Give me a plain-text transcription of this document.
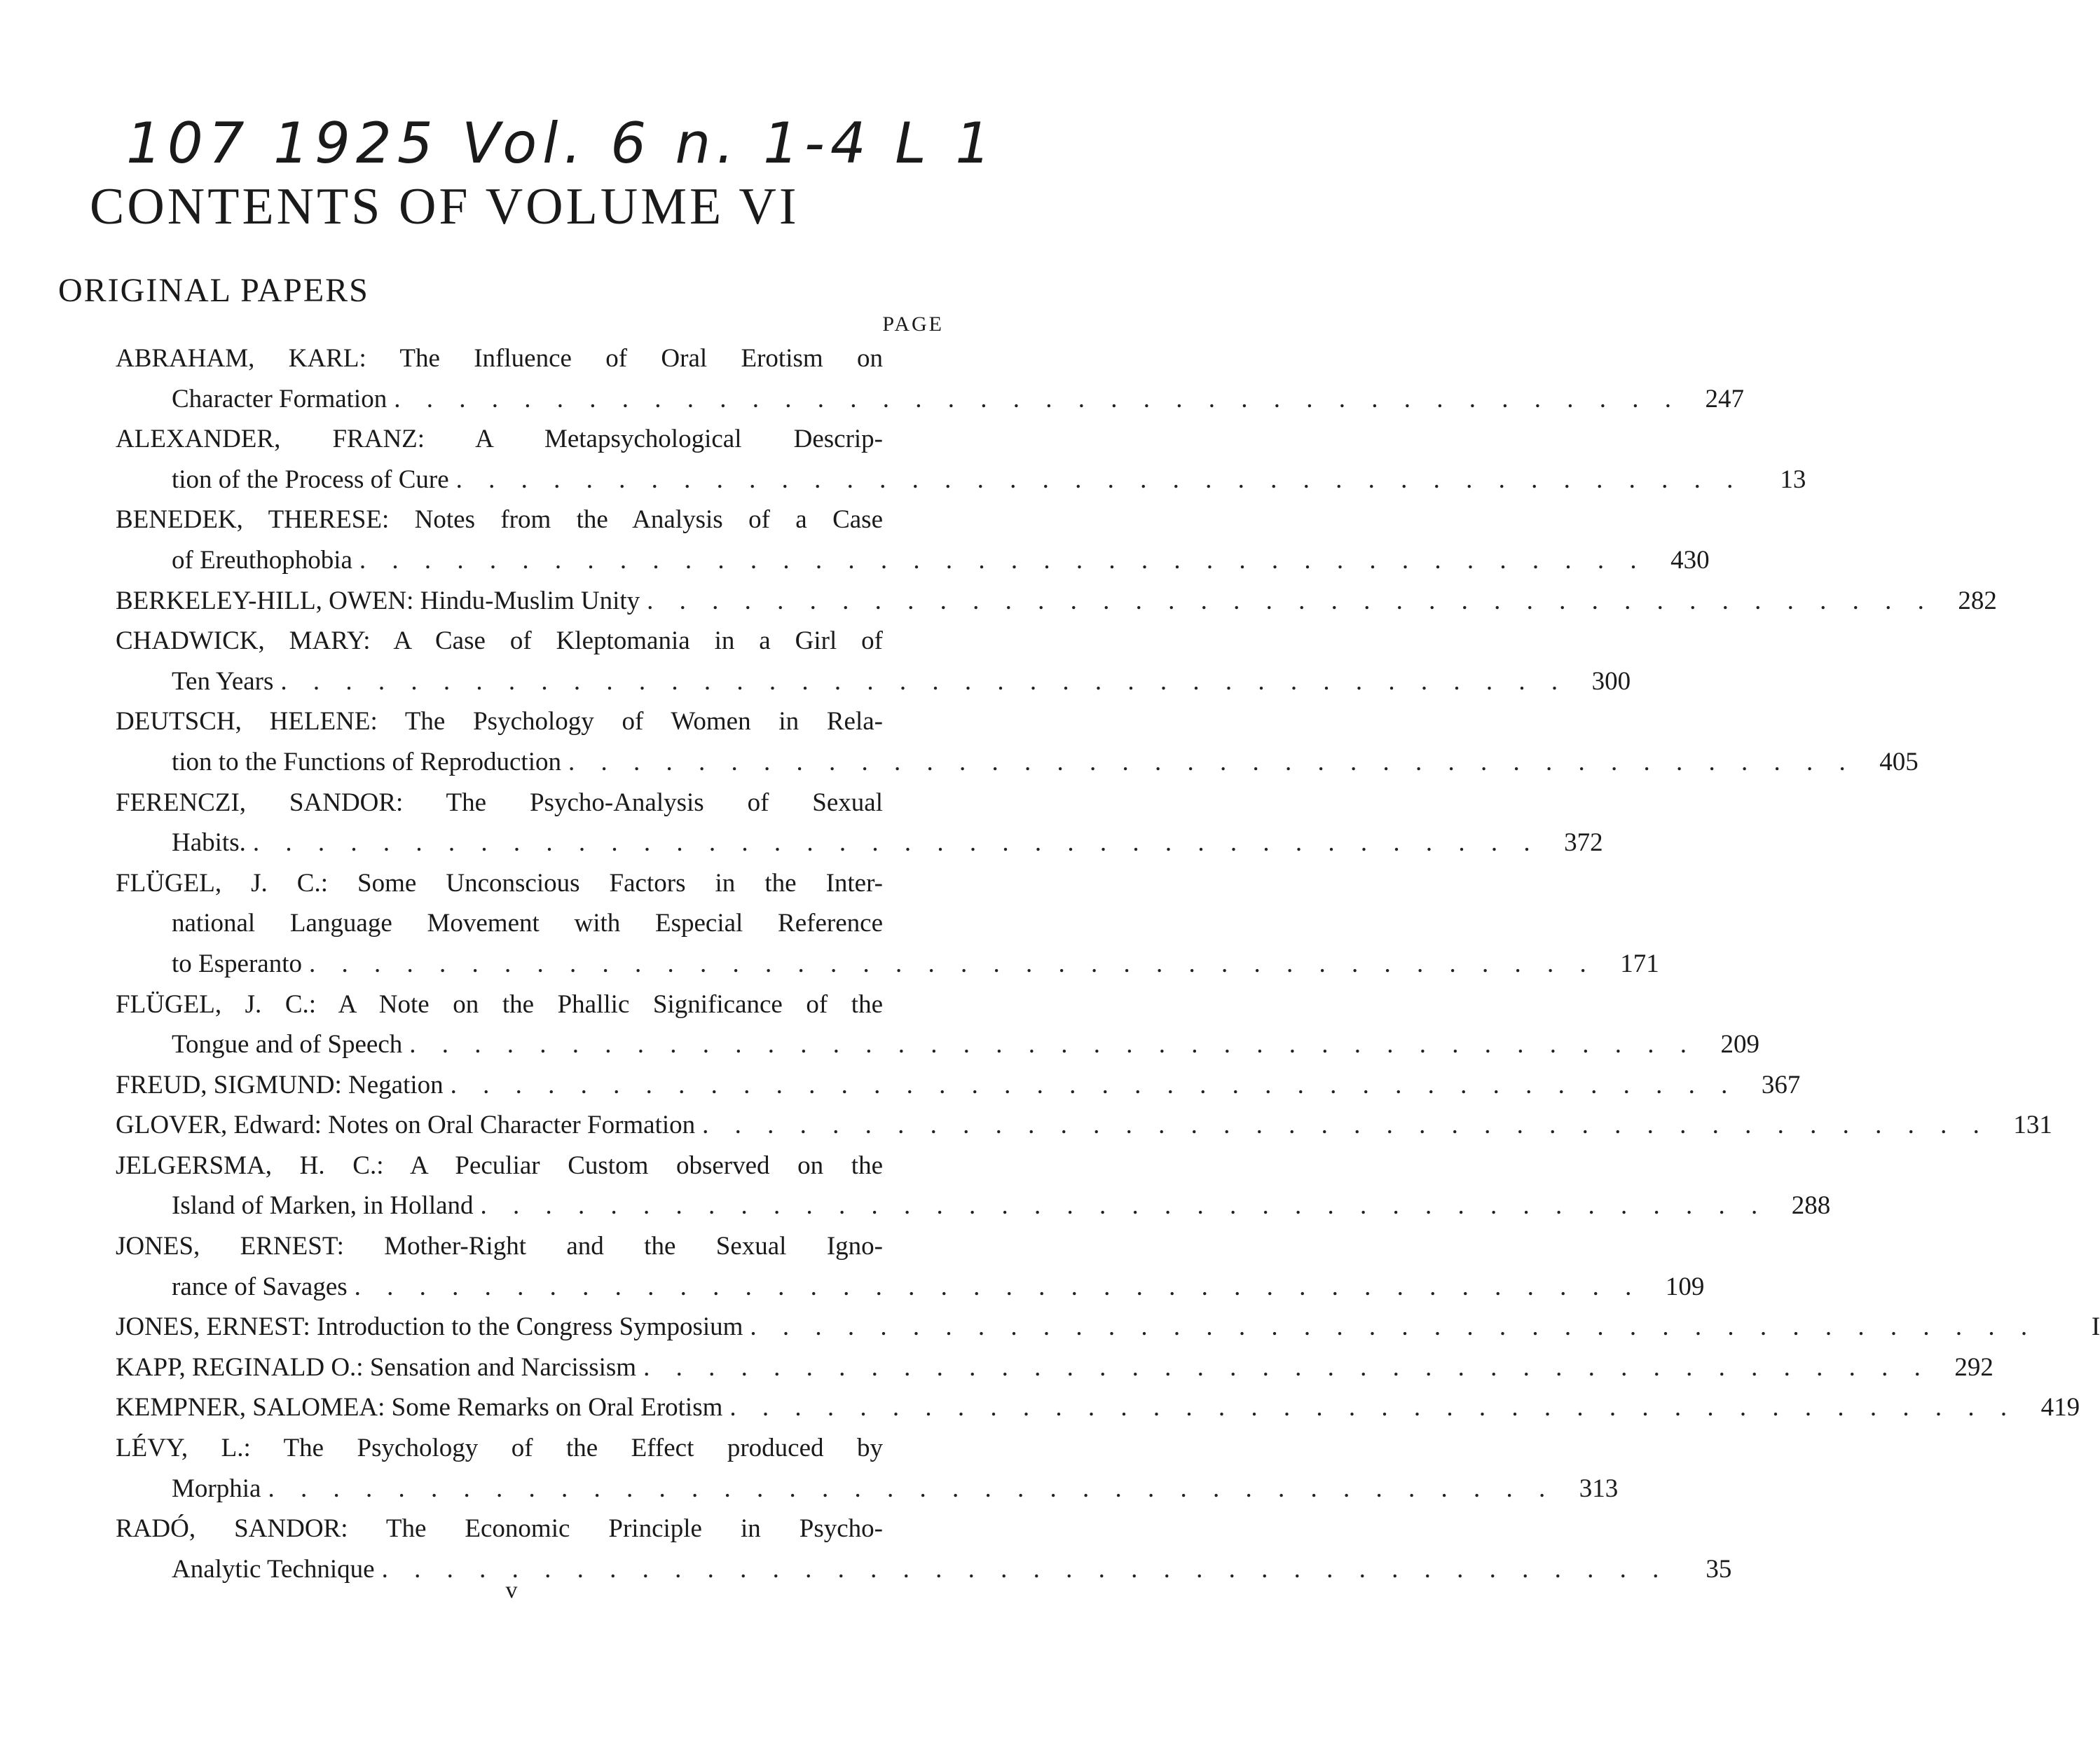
107 1925 Vol. 6 n. 1-4 L 1
CONTENTS OF VOLUME VI
ORIGINAL PAPERS
PAGE
ABRAHAM, KARL: The Influence of Oral Erotism on
Character Formation . . . . . . . . . . . . . . . . . . . . . . . . . . . . . . . . . . . . . . . . 247
ALEXANDER, FRANZ: A Metapsychological Descrip-
tion of the Process of Cure . . . . . . . . . . . . . . . . . . . . . . . . . . . . . . . . . . . . . . . .	13
BENEDEK, THERESE: Notes from the Analysis of a Case
of Ereuthophobia . . . . . . . . . . . . . . . . . . . . . . . . . . . . . . . . . . . . . . . . 430
BERKELEY-HILL, OWEN: Hindu-Muslim Unity . . . . . . . . . . . . . . . . . . . . . . . . . . . . . . . . . . . . . . . . 282
CHADWICK, MARY: A Case of Kleptomania in a Girl of
Ten Years . . . . . . . . . . . . . . . . . . . . . . . . . . . . . . . . . . . . . . . . 300
DEUTSCH, HELENE: The Psychology of Women in Rela-
tion to the Functions of Reproduction . . . . . . . . . . . . . . . . . . . . . . . . . . . . . . . . . . . . . . . . 405
FERENCZI, SANDOR: The Psycho-Analysis of Sexual
Habits. . . . . . . . . . . . . . . . . . . . . . . . . . . . . . . . . . . . . . . . . 372
FLÜGEL, J. C.: Some Unconscious Factors in the Inter-
national Language Movement with Especial Reference
to Esperanto . . . . . . . . . . . . . . . . . . . . . . . . . . . . . . . . . . . . . . . . 171
FLÜGEL, J. C.: A Note on the Phallic Significance of the
Tongue and of Speech . . . . . . . . . . . . . . . . . . . . . . . . . . . . . . . . . . . . . . . . 209
FREUD, SIGMUND: Negation . . . . . . . . . . . . . . . . . . . . . . . . . . . . . . . . . . . . . . . . 367
GLOVER, Edward: Notes on Oral Character Formation . . . . . . . . . . . . . . . . . . . . . . . . . . . . . . . . . . . . . . . . 131
JELGERSMA, H. C.: A Peculiar Custom observed on the
Island of Marken, in Holland . . . . . . . . . . . . . . . . . . . . . . . . . . . . . . . . . . . . . . . . 288
JONES, ERNEST: Mother-Right and the Sexual Igno-
rance of Savages . . . . . . . . . . . . . . . . . . . . . . . . . . . . . . . . . . . . . . . . 109
JONES, ERNEST: Introduction to the Congress Symposium . . . . . . . . . . . . . . . . . . . . . . . . . . . . . . . . . . . . . . . .	I
KAPP, REGINALD O.: Sensation and Narcissism . . . . . . . . . . . . . . . . . . . . . . . . . . . . . . . . . . . . . . . . 292
KEMPNER, SALOMEA: Some Remarks on Oral Erotism . . . . . . . . . . . . . . . . . . . . . . . . . . . . . . . . . . . . . . . . 419
LÉVY, L.: The Psychology of the Effect produced by
Morphia . . . . . . . . . . . . . . . . . . . . . . . . . . . . . . . . . . . . . . . . 313
RADÓ, SANDOR: The Economic Principle in Psycho-
Analytic Technique . . . . . . . . . . . . . . . . . . . . . . . . . . . . . . . . . . . . . . . .	35
v
